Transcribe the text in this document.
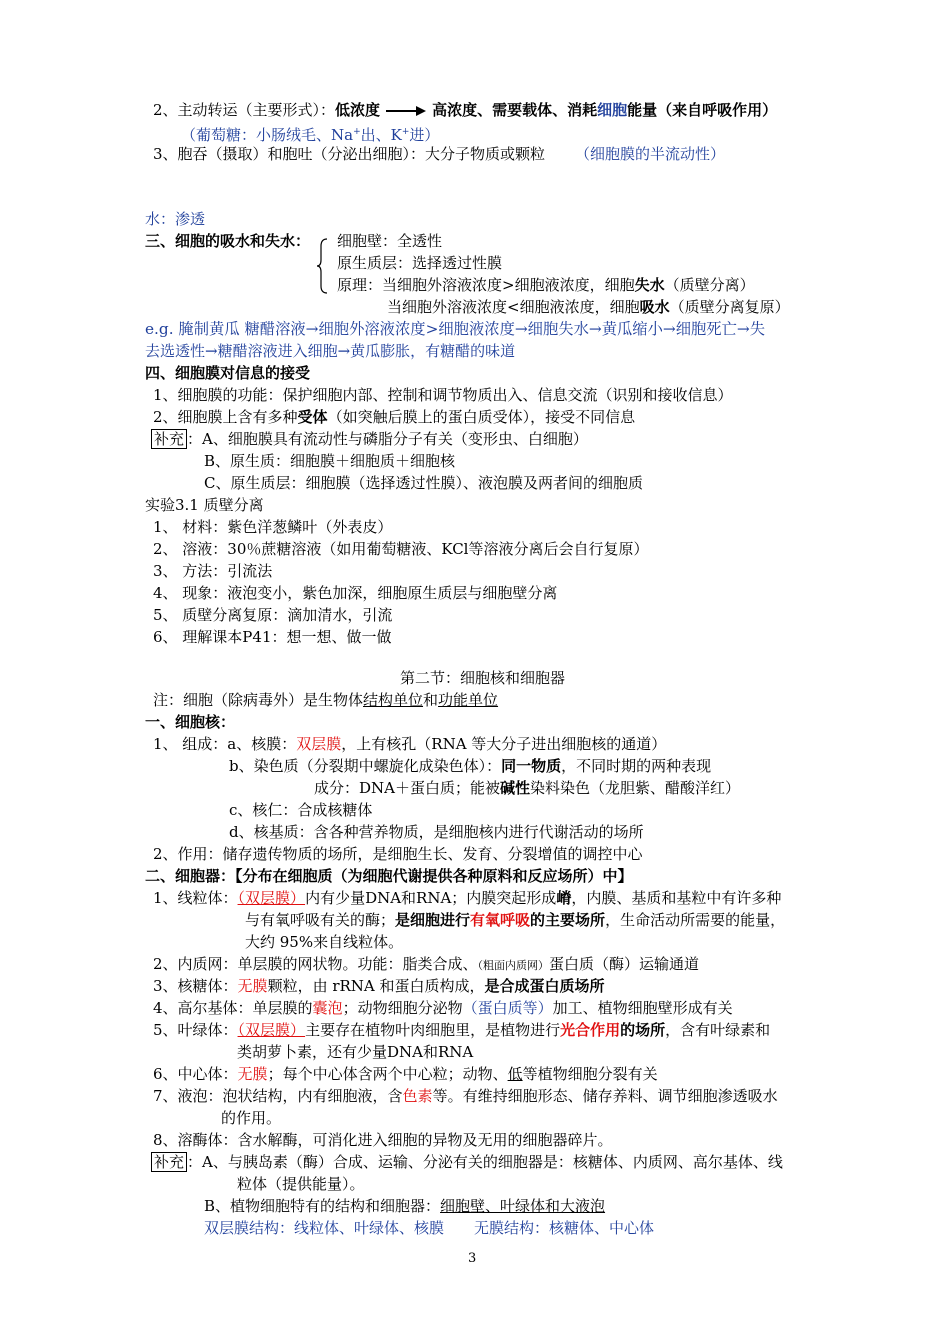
2、主动转运（主要形式）：低浓度	高浓度、需要载体、消耗细胞能量（来自呼吸作用）
（葡萄糖：小肠绒毛、Na+出、K+进）
3、胞吞（摄取）和胞吐（分泌出细胞）：大分子物质或颗粒 （细胞膜的半流动性）
水：渗透
三、细胞的吸水和失水： 细胞壁：全透性
原生质层：选择透过性膜
原理：当细胞外溶液浓度>细胞液浓度，细胞失水（质壁分离）
当细胞外溶液浓度<细胞液浓度，细胞吸水（质壁分离复原）
e.g. 腌制黄瓜 糖醋溶液→细胞外溶液浓度>细胞液浓度→细胞失水→黄瓜缩小→细胞死亡→失
去选透性→糖醋溶液进入细胞→黄瓜膨胀，有糖醋的味道
四、细胞膜对信息的接受
1、细胞膜的功能：保护细胞内部、控制和调节物质出入、信息交流（识别和接收信息）
2、细胞膜上含有多种受体（如突触后膜上的蛋白质受体），接受不同信息
补充 ：A、细胞膜具有流动性与磷脂分子有关（变形虫、白细胞）
B、原生质：细胞膜＋细胞质＋细胞核
C、原生质层：细胞膜（选择透过性膜）、液泡膜及两者间的细胞质
实验3.1 质壁分离
1、 材料：紫色洋葱鳞叶（外表皮）
2、 溶液：30％蔗糖溶液（如用葡萄糖液、KCl等溶液分离后会自行复原）
3、 方法：引流法
4、 现象：液泡变小，紫色加深，细胞原生质层与细胞壁分离
5、 质壁分离复原：滴加清水，引流
6、 理解课本P41：想一想、做一做
第二节：细胞核和细胞器
注：细胞（除病毒外）是生物体结构单位和功能单位
一、细胞核：
1、 组成：a、核膜：双层膜，上有核孔（RNA 等大分子进出细胞核的通道）
b、染色质（分裂期中螺旋化成染色体）：同一物质，不同时期的两种表现
成分：DNA＋蛋白质；能被碱性染料染色（龙胆紫、醋酸洋红）
c、核仁：合成核糖体
d、核基质：含各种营养物质，是细胞核内进行代谢活动的场所
2、作用：储存遗传物质的场所，是细胞生长、发育、分裂增值的调控中心
二、细胞器：【分布在细胞质（为细胞代谢提供各种原料和反应场所）中】
1、线粒体：（双层膜）内有少量DNA和RNA；内膜突起形成嵴，内膜、基质和基粒中有许多种
与有氧呼吸有关的酶；是细胞进行有氧呼吸的主要场所，生命活动所需要的能量，
大约 95%来自线粒体。
2、内质网：单层膜的网状物。功能：脂类合成、（粗面内质网）蛋白质（酶）运输通道
3、核糖体：无膜颗粒，由 rRNA 和蛋白质构成，是合成蛋白质场所
4、高尔基体：单层膜的囊泡；动物细胞分泌物（蛋白质等）加工、植物细胞壁形成有关
5、叶绿体：（双层膜）主要存在植物叶肉细胞里，是植物进行光合作用的场所，含有叶绿素和
类胡萝卜素，还有少量DNA和RNA
6、中心体：无膜；每个中心体含两个中心粒；动物、低等植物细胞分裂有关
7、液泡：泡状结构，内有细胞液，含色素等。有维持细胞形态、储存养料、调节细胞渗透吸水
的作用。
8、溶酶体：含水解酶，可消化进入细胞的异物及无用的细胞器碎片。
补充 ：A、与胰岛素（酶）合成、运输、分泌有关的细胞器是：核糖体、内质网、高尔基体、线
粒体（提供能量）。
B、植物细胞特有的结构和细胞器：细胞壁、叶绿体和大液泡
双层膜结构：线粒体、叶绿体、核膜 无膜结构：核糖体、中心体
3
